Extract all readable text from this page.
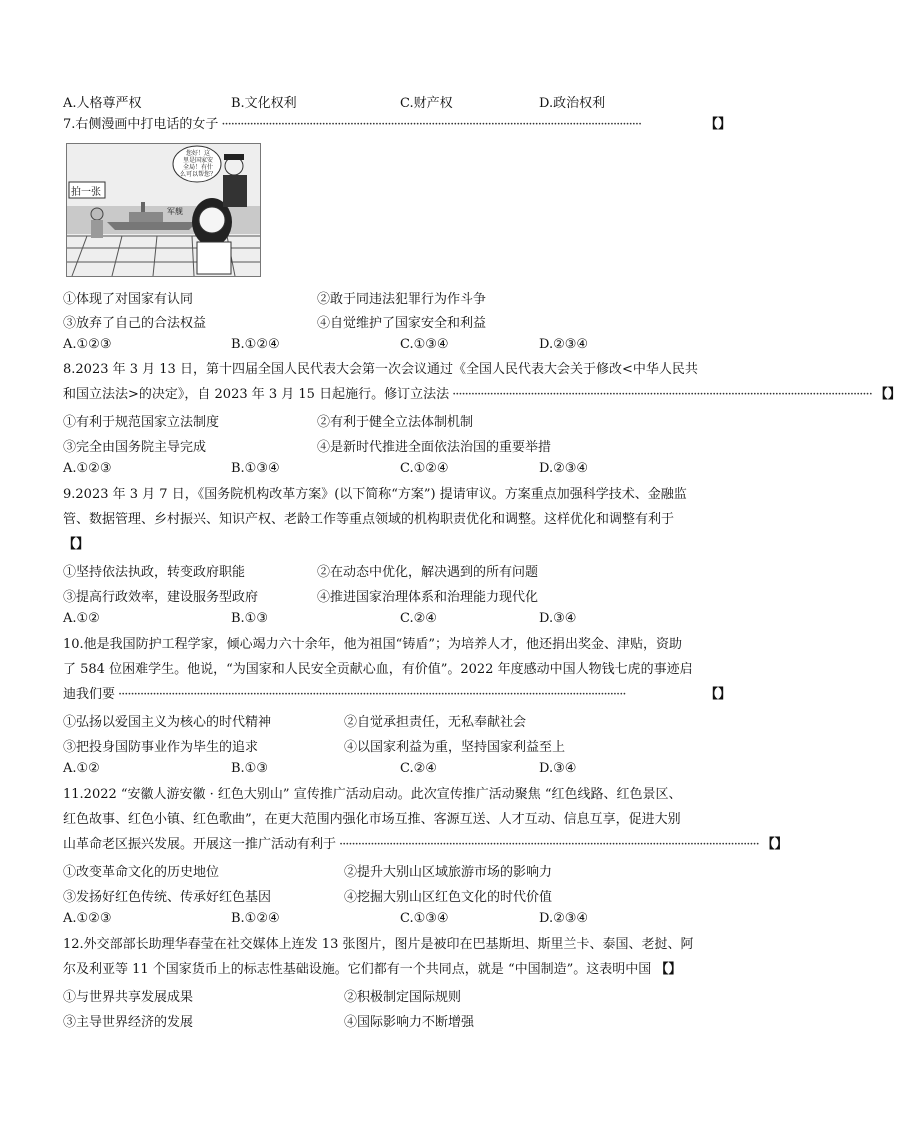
A.人格尊严权	B.文化权利	C.财产权	D.政治权利
7.右侧漫画中打电话的女子 ······································································································································	【】
您好！这
里是国家安
全局！有什
么可以帮您？
拍一张
军舰
①体现了对国家有认同	②敢于同违法犯罪行为作斗争
③放弃了自己的合法权益	④自觉维护了国家安全和利益
A.①②③	B.①②④	C.①③④	D.②③④
8.2023 年 3 月 13 日，第十四届全国人民代表大会第一次会议通过《全国人民代表大会关于修改<中华人民共
和国立法法>的决定》，自 2023 年 3 月 15 日起施行。修订立法法 ······································································································································ 【】
①有利于规范国家立法制度	②有利于健全立法体制机制
③完全由国务院主导完成	④是新时代推进全面依法治国的重要举措
A.①②③	B.①③④	C.①②④	D.②③④
9.2023 年 3 月 7 日，《国务院机构改革方案》(以下简称“方案”) 提请审议。方案重点加强科学技术、金融监
管、数据管理、乡村振兴、知识产权、老龄工作等重点领域的机构职责优化和调整。这样优化和调整有利于
【】
①坚持依法执政，转变政府职能	②在动态中优化，解决遇到的所有问题
③提高行政效率，建设服务型政府	④推进国家治理体系和治理能力现代化
A.①②	B.①③	C.②④	D.③④
10.他是我国防护工程学家，倾心竭力六十余年，他为祖国“铸盾”；为培养人才，他还捐出奖金、津贴，资助
了 584 位困难学生。他说，“为国家和人民安全贡献心血，有价值”。2022 年度感动中国人物钱七虎的事迹启
迪我们要 ··································································································································································	【】
①弘扬以爱国主义为核心的时代精神	②自觉承担责任，无私奉献社会
③把投身国防事业作为毕生的追求	④以国家利益为重，坚持国家利益至上
A.①②	B.①③	C.②④	D.③④
11.2022 “安徽人游安徽 · 红色大别山” 宣传推广活动启动。此次宣传推广活动聚焦 “红色线路、红色景区、
红色故事、红色小镇、红色歌曲”，在更大范围内强化市场互推、客源互送、人才互动、信息互享，促进大别
山革命老区振兴发展。开展这一推广活动有利于 ······································································································································ 【】
①改变革命文化的历史地位	②提升大别山区域旅游市场的影响力
③发扬好红色传统、传承好红色基因	④挖掘大别山区红色文化的时代价值
A.①②③	B.①②④	C.①③④	D.②③④
12.外交部部长助理华春莹在社交媒体上连发 13 张图片，图片是被印在巴基斯坦、斯里兰卡、泰国、老挝、阿
尔及利亚等 11 个国家货币上的标志性基础设施。它们都有一个共同点，就是 “中国制造”。这表明中国 【】
①与世界共享发展成果	②积极制定国际规则
③主导世界经济的发展	④国际影响力不断增强
